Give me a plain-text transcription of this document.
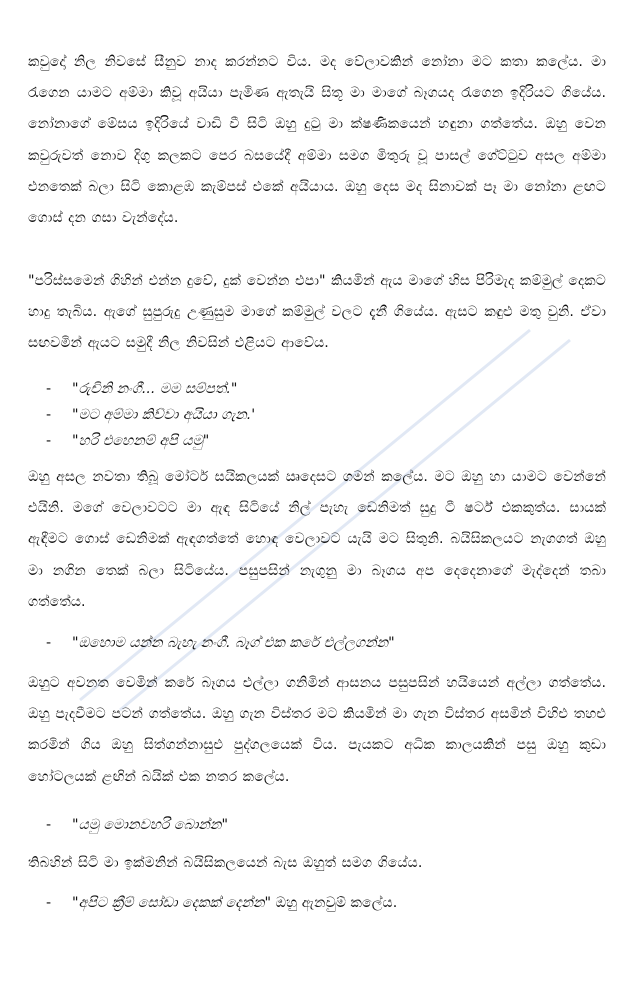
කවුදෝ නිල නිවසේ සීනුව නාද කරන්නට විය. මද වේලාවකින් නෝනා මට කතා කලේය. මා රැගෙන යාමට අම්මා කිවූ අයියා පැමිණ ඇතැයි සිතූ මා මාගේ බෑගයද රැගෙන ඉදිරියට ගියේය. නෝනාගේ මේසය ඉදිරියේ වාඩි වී සිටි ඔහු දුටු මා ක්ෂණිකයෙන් හඳුනා ගත්තේය. ඔහු වෙන කවුරුවත් නොව දිගු කලකට පෙර බසයේදී අම්මා සමග මිතුරු වූ පාසල් ගේට්ටුව අසල අම්මා එනතෙක් බලා සිටි කොළඹ කැම්පස් එකේ අයියාය. ඔහු දෙස මද සිනාවක් පෑ මා නෝනා ළඟට ගොස් දන ගසා වැන්දේය.

"පරිස්සමෙන් ගිහින් එන්න දුවේ, දුක් වෙන්න එපා" කියමින් ඇය මාගේ හිස පිරිමැද කම්මුල් දෙකට හාදු තැබිය. ඇගේ සුපුරුදු උණුසුම මාගේ කම්මුල් වලට දැනී ගියේය. ඇසට කඳුළු මතු වුනි. ඒවා සඟවමින් ඇයට සමුදී නිල නිවසින් එළියට ආවේය.

- "රුචිනි නංගී... මම සම්පත්."
- "මට අම්මා කිව්වා අයියා ගැන.'
- "හරි එහෙනම් අපි යමු"

ඔහු අසල නවතා තිබූ මෝටර් සයිකලයක් ඍදෙසට ගමන් කලේය. මට ඔහු හා යාමට වෙන්නේ එයිනි. මගේ වෙලාවටට මා ඇඳ සිටියේ නිල් පැහැ ඩෙනිමත් සුදු ටී ෂර්ට් එකකුත්ය. සායක් ඇඳීමට ගොස් ඩෙනිමක් ඇඳගත්තේ හොඳ වෙලාවට යැයි මට සිතුනි. බයිසිකලයට නැගගත් ඔහු මා නගින තෙක් බලා සිටියේය. පසුපසින් නැගුනු මා බෑගය අප දෙදෙනාගේ මැද්දෙන් තබා ගත්තේය.

- "ඔහොම යන්න බැහැ නංගී. බෑග් එක කරේ එල්ලගන්න"

ඔහුට අවනත වෙමින් කරේ බෑගය එල්ලා ගනිමින් ආසනය පසුපසින් හයියෙන් අල්ලා ගත්තේය. ඔහු පැදවීමට පටන් ගත්තේය. ඔහු ගැන විස්තර මට කියමින් මා ගැන විස්තර අසමින් විහිළු තහළු කරමින් ගිය ඔහු සිත්ගන්නාසුළු පුද්ගලයෙක් විය. පැයකට අධික කාලයකින් පසු ඔහු කුඩා හෝටලයක් ළඟින් බයික් එක නතර කලේය.

- "යමු මොනවහරි බොන්න"

තිබහින් සිටි මා ඉක්මනින් බයිසිකලයෙන් බැස ඔහුත් සමග ගියේය.

- "අපිට ක්‍රීම් සෝඩා දෙකක් දෙන්න" ඔහු ඇනවුම් කලේය.
